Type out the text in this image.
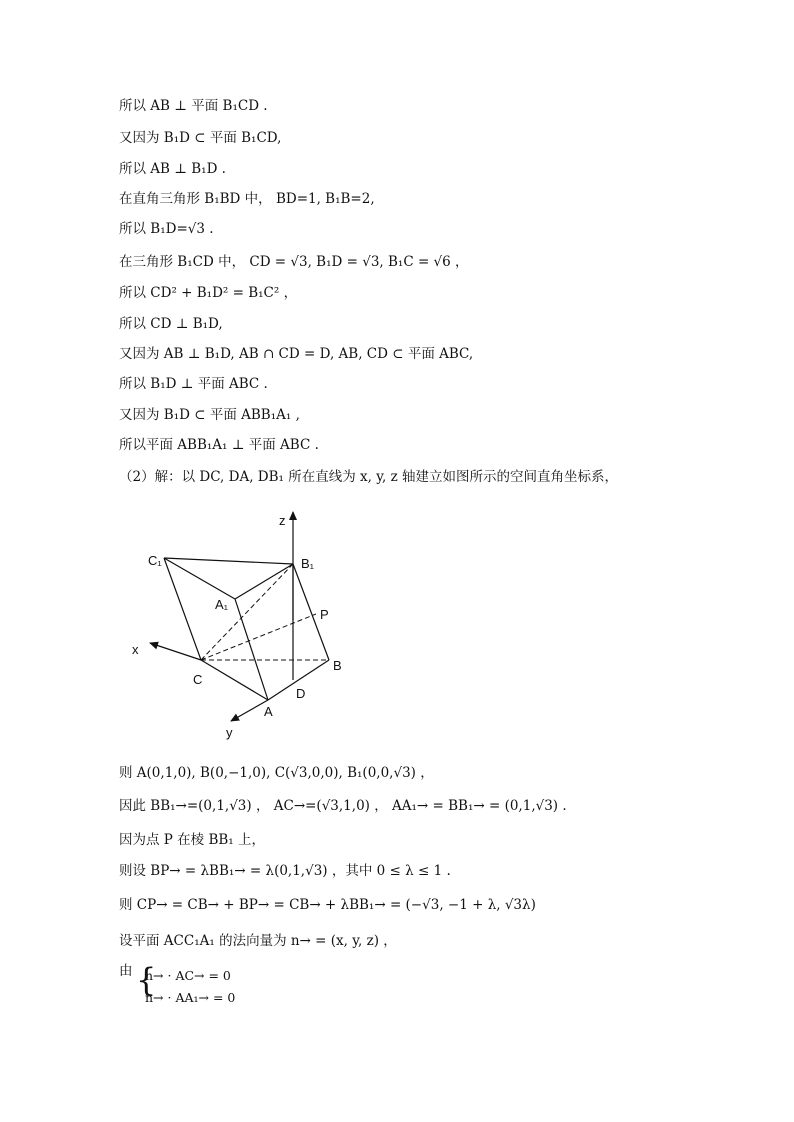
所以 AB ⊥ 平面 B₁CD .
又因为 B₁D ⊂ 平面 B₁CD,
所以 AB ⊥ B₁D .
在直角三角形 B₁BD 中， BD=1, B₁B=2,
所以 B₁D=√3 .
在三角形 B₁CD 中， CD = √3, B₁D = √3, B₁C = √6 ，
所以 CD² + B₁D² = B₁C² ，
所以 CD ⊥ B₁D,
又因为 AB ⊥ B₁D, AB ∩ CD = D, AB, CD ⊂ 平面 ABC,
所以 B₁D ⊥ 平面 ABC .
又因为 B₁D ⊂ 平面 ABB₁A₁ ,
所以平面 ABB₁A₁ ⊥ 平面 ABC .
（2）解：以 DC, DA, DB₁ 所在直线为 x, y, z 轴建立如图所示的空间直角坐标系，
z
x
y
C₁	B₁
A₁
P
B
C
D
A
则 A(0,1,0), B(0,−1,0), C(√3,0,0), B₁(0,0,√3) ，
因此 BB₁→=(0,1,√3) ， AC→=(√3,1,0) ， AA₁→ = BB₁→ = (0,1,√3) .
因为点 P 在棱 BB₁ 上，
则设 BP→ = λBB₁→ = λ(0,1,√3) ，其中 0 ≤ λ ≤ 1 .
则 CP→ = CB→ + BP→ = CB→ + λBB₁→ = (−√3, −1 + λ, √3λ)
设平面 ACC₁A₁ 的法向量为 n→ = (x, y, z) ，
由 {
n→ · AC→ = 0
n→ · AA₁→ = 0
